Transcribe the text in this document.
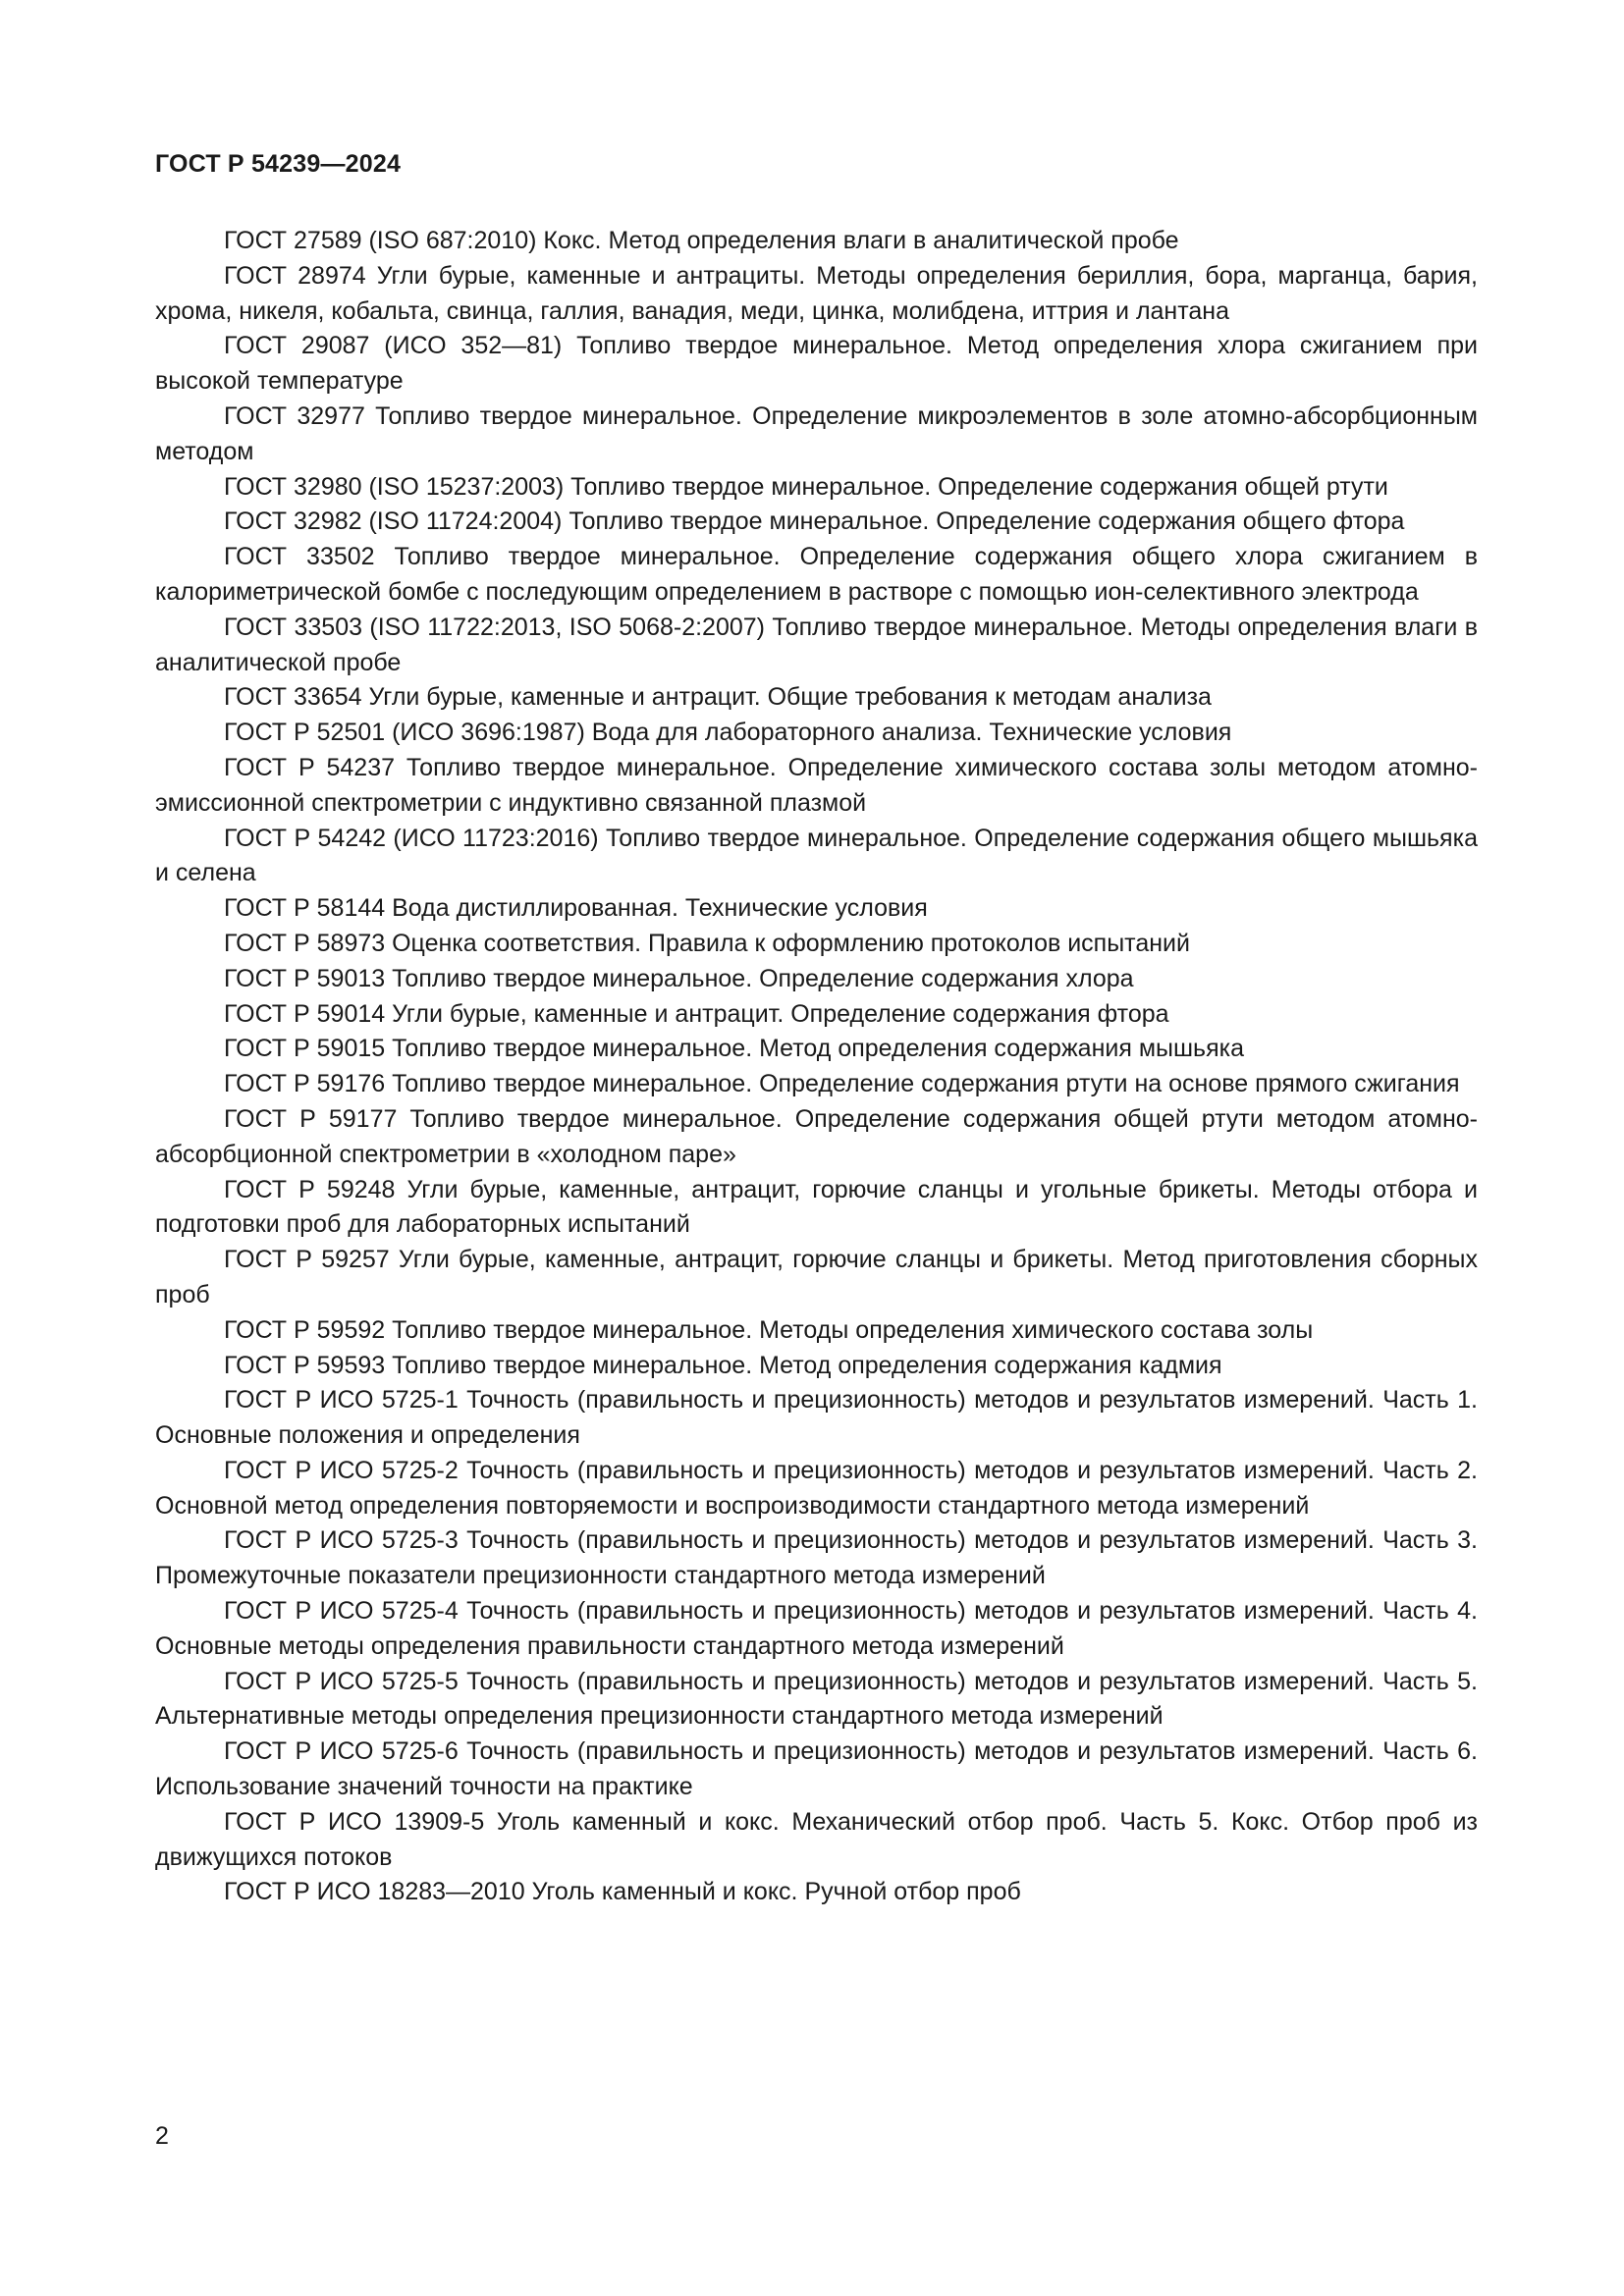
ГОСТ Р 54239—2024

ГОСТ 27589 (ISO 687:2010) Кокс. Метод определения влаги в аналитической пробе

ГОСТ 28974 Угли бурые, каменные и антрациты. Методы определения бериллия, бора, марганца, бария, хрома, никеля, кобальта, свинца, галлия, ванадия, меди, цинка, молибдена, иттрия и лантана

ГОСТ 29087 (ИСО 352—81) Топливо твердое минеральное. Метод определения хлора сжиганием при высокой температуре

ГОСТ 32977 Топливо твердое минеральное. Определение микроэлементов в золе атомно-абсорбционным методом

ГОСТ 32980 (ISO 15237:2003) Топливо твердое минеральное. Определение содержания общей ртути

ГОСТ 32982 (ISO 11724:2004) Топливо твердое минеральное. Определение содержания общего фтора

ГОСТ 33502 Топливо твердое минеральное. Определение содержания общего хлора сжиганием в калориметрической бомбе с последующим определением в растворе с помощью ион-селективного электрода

ГОСТ 33503 (ISO 11722:2013, ISO 5068-2:2007) Топливо твердое минеральное. Методы определения влаги в аналитической пробе

ГОСТ 33654 Угли бурые, каменные и антрацит. Общие требования к методам анализа

ГОСТ Р 52501 (ИСО 3696:1987) Вода для лабораторного анализа. Технические условия

ГОСТ Р 54237 Топливо твердое минеральное. Определение химического состава золы методом атомно-эмиссионной спектрометрии с индуктивно связанной плазмой

ГОСТ Р 54242 (ИСО 11723:2016) Топливо твердое минеральное. Определение содержания общего мышьяка и селена

ГОСТ Р 58144 Вода дистиллированная. Технические условия

ГОСТ Р 58973 Оценка соответствия. Правила к оформлению протоколов испытаний

ГОСТ Р 59013 Топливо твердое минеральное. Определение содержания хлора

ГОСТ Р 59014 Угли бурые, каменные и антрацит. Определение содержания фтора

ГОСТ Р 59015 Топливо твердое минеральное. Метод определения содержания мышьяка

ГОСТ Р 59176 Топливо твердое минеральное. Определение содержания ртути на основе прямого сжигания

ГОСТ Р 59177 Топливо твердое минеральное. Определение содержания общей ртути методом атомно-абсорбционной спектрометрии в «холодном паре»

ГОСТ Р 59248 Угли бурые, каменные, антрацит, горючие сланцы и угольные брикеты. Методы отбора и подготовки проб для лабораторных испытаний

ГОСТ Р 59257 Угли бурые, каменные, антрацит, горючие сланцы и брикеты. Метод приготовления сборных проб

ГОСТ Р 59592 Топливо твердое минеральное. Методы определения химического состава золы

ГОСТ Р 59593 Топливо твердое минеральное. Метод определения содержания кадмия

ГОСТ Р ИСО 5725-1 Точность (правильность и прецизионность) методов и результатов измерений. Часть 1. Основные положения и определения

ГОСТ Р ИСО 5725-2 Точность (правильность и прецизионность) методов и результатов измерений. Часть 2. Основной метод определения повторяемости и воспроизводимости стандартного метода измерений

ГОСТ Р ИСО 5725-3 Точность (правильность и прецизионность) методов и результатов измерений. Часть 3. Промежуточные показатели прецизионности стандартного метода измерений

ГОСТ Р ИСО 5725-4 Точность (правильность и прецизионность) методов и результатов измерений. Часть 4. Основные методы определения правильности стандартного метода измерений

ГОСТ Р ИСО 5725-5 Точность (правильность и прецизионность) методов и результатов измерений. Часть 5. Альтернативные методы определения прецизионности стандартного метода измерений

ГОСТ Р ИСО 5725-6 Точность (правильность и прецизионность) методов и результатов измерений. Часть 6. Использование значений точности на практике

ГОСТ Р ИСО 13909-5 Уголь каменный и кокс. Механический отбор проб. Часть 5. Кокс. Отбор проб из движущихся потоков

ГОСТ Р ИСО 18283—2010 Уголь каменный и кокс. Ручной отбор проб

2
